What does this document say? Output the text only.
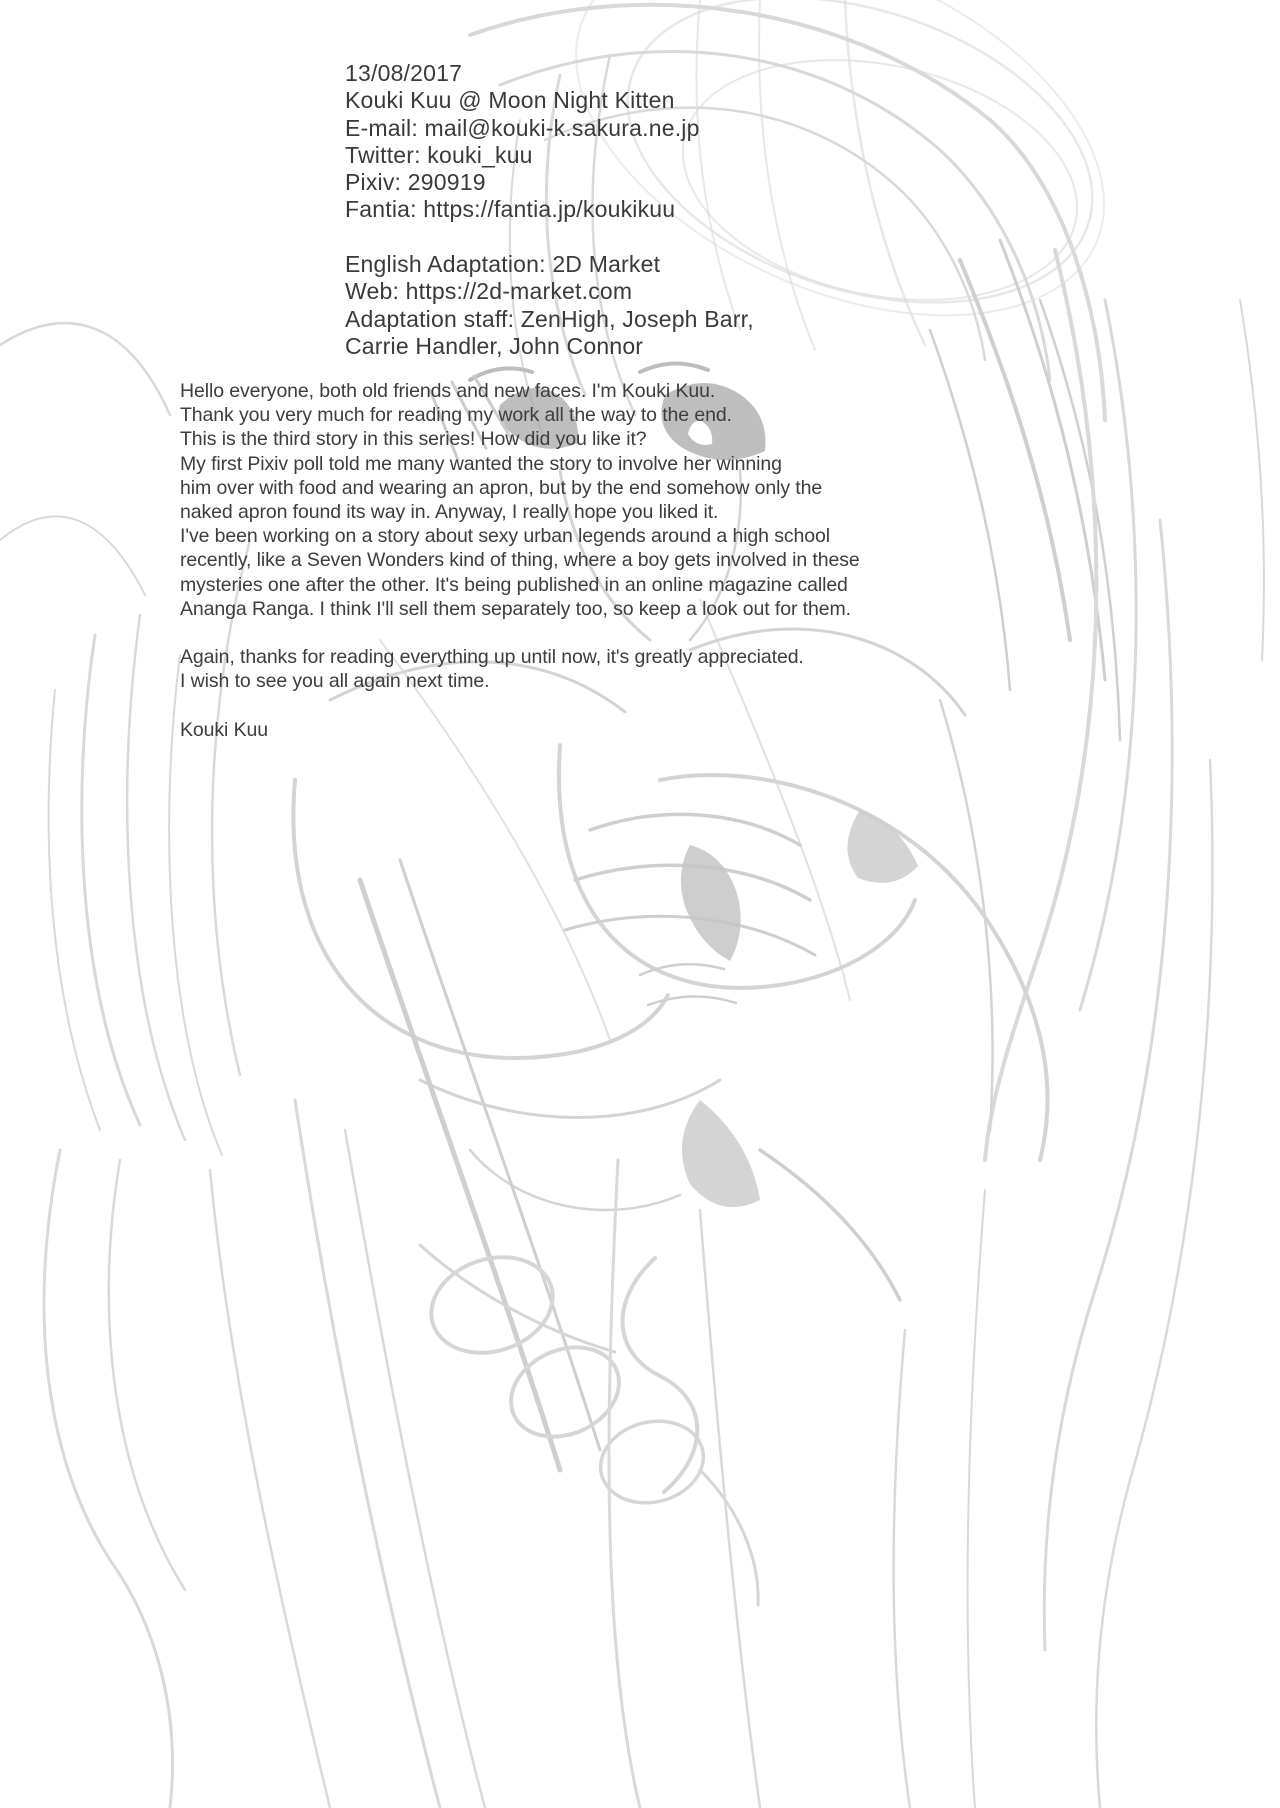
13/08/2017
Kouki Kuu @ Moon Night Kitten
E-mail: mail@kouki-k.sakura.ne.jp
Twitter: kouki_kuu
Pixiv: 290919
Fantia: https://fantia.jp/koukikuu

English Adaptation: 2D Market
Web: https://2d-market.com
Adaptation staff: ZenHigh, Joseph Barr,
Carrie Handler, John Connor
Hello everyone, both old friends and new faces. I'm Kouki Kuu.
Thank you very much for reading my work all the way to the end.
This is the third story in this series! How did you like it?
My first Pixiv poll told me many wanted the story to involve her winning
him over with food and wearing an apron, but by the end somehow only the
naked apron found its way in. Anyway, I really hope you liked it.
I've been working on a story about sexy urban legends around a high school
recently, like a Seven Wonders kind of thing, where a boy gets involved in these
mysteries one after the other. It's being published in an online magazine called
Ananga Ranga. I think I'll sell them separately too, so keep a look out for them.

Again, thanks for reading everything up until now, it's greatly appreciated.
I wish to see you all again next time.

Kouki Kuu
